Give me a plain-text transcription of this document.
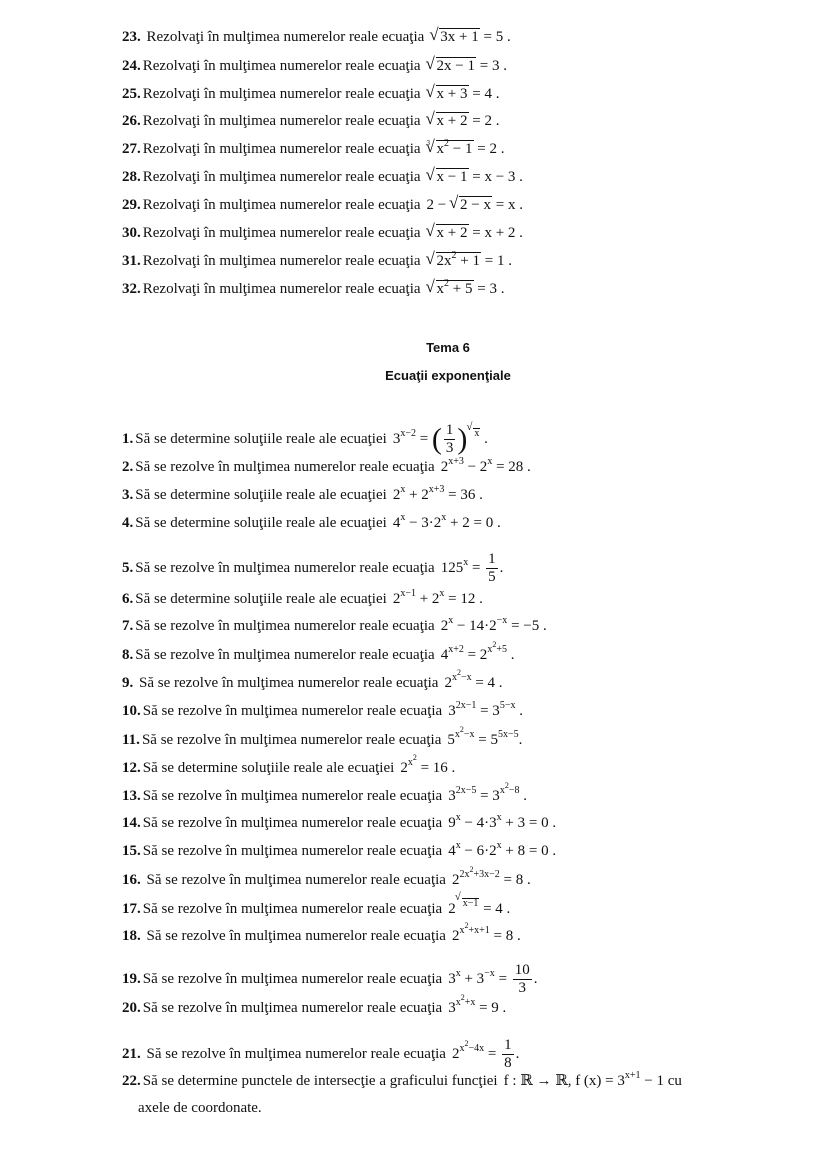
Tema 6
Ecuaţii exponenţiale
axele de coordonate.
23. Rezolvaţi în mulţimea numerelor reale ecuaţia √ 3x + 1 = 5 .
24. Rezolvaţi în mulţimea numerelor reale ecuaţia √ 2x − 1 = 3 .
25. Rezolvaţi în mulţimea numerelor reale ecuaţia √ x + 3 = 4 .
26. Rezolvaţi în mulţimea numerelor reale ecuaţia √ x + 2 = 2 .
27. Rezolvaţi în mulţimea numerelor reale ecuaţia √ 3 $x^2 - 1 = 2$ .
28. Rezolvaţi în mulţimea numerelor reale ecuaţia √ x − 1 = x − 3 .
29. Rezolvaţi în mulţimea numerelor reale ecuaţia 2 − √ 2 − x = x .
30. Rezolvaţi în mulţimea numerelor reale ecuaţia √ x + 2 = x + 2 .
31. Rezolvaţi în mulţimea numerelor reale ecuaţia √ $2x^2 + 1 = 1$ .
32. Rezolvaţi în mulţimea numerelor reale ecuaţia √ $x^2 + 5 = 3$ .
1. Să se determine soluţiile reale ale ecuaţiei $3^{x-2}$ = ( $\frac{1}{3}$ ) √ $^x$ .
2. Să se rezolve în mulţimea numerelor reale ecuaţia $2^{x+3} - 2^x = 28$ .
3. Să se determine soluţiile reale ale ecuaţiei $2^x + 2^{x+3} = 36$ .
4. Să se determine soluţiile reale ale ecuaţiei $4^x - 3\cdot 2^x + 2 = 0$ .
5. Să se rezolve în mulţimea numerelor reale ecuaţia $125^x = \frac{1}{5}$ .
6. Să se determine soluţiile reale ale ecuaţiei $2^{x-1} + 2^x = 12$ .
7. Să se rezolve în mulţimea numerelor reale ecuaţia $2^x - 14\cdot 2^{-x} = -5$ .
8. Să se rezolve în mulţimea numerelor reale ecuaţia $4^{x+2} = 2^{x^2+5}$ .
9. Să se rezolve în mulţimea numerelor reale ecuaţia $2^{x^2-x} = 4$ .
10. Să se rezolve în mulţimea numerelor reale ecuaţia $3^{2x-1} = 3^{5-x}$ .
11. Să se rezolve în mulţimea numerelor reale ecuaţia $5^{x^2-x} = 5^{5x-5}$.
12. Să se determine soluţiile reale ale ecuaţiei $2^{x^2} = 16$ .
13. Să se rezolve în mulţimea numerelor reale ecuaţia $3^{2x-5} = 3^{x^2-8}$ .
14. Să se rezolve în mulţimea numerelor reale ecuaţia $9^x - 4\cdot 3^x + 3 = 0$ .
15. Să se rezolve în mulţimea numerelor reale ecuaţia $4^x - 6\cdot 2^x + 8 = 0$ .
16. Să se rezolve în mulţimea numerelor reale ecuaţia $2^{2x^2+3x-2} = 8$ .
17. Să se rezolve în mulţimea numerelor reale ecuaţia 2 √ $^{x-1}$ = 4 .
18. Să se rezolve în mulţimea numerelor reale ecuaţia $2^{x^2+x+1} = 8$ .
19. Să se rezolve în mulţimea numerelor reale ecuaţia $3^x + 3^{-x} = \frac{10}{3}$ .
20. Să se rezolve în mulţimea numerelor reale ecuaţia $3^{x^2+x} = 9$ .
21. Să se rezolve în mulţimea numerelor reale ecuaţia $2^{x^2-4x} = \frac{1}{8}$ .
22. Să se determine punctele de intersecţie a graficului funcţiei f : ℝ → ℝ, f $(x) = 3^{x+1} - 1$ cu
